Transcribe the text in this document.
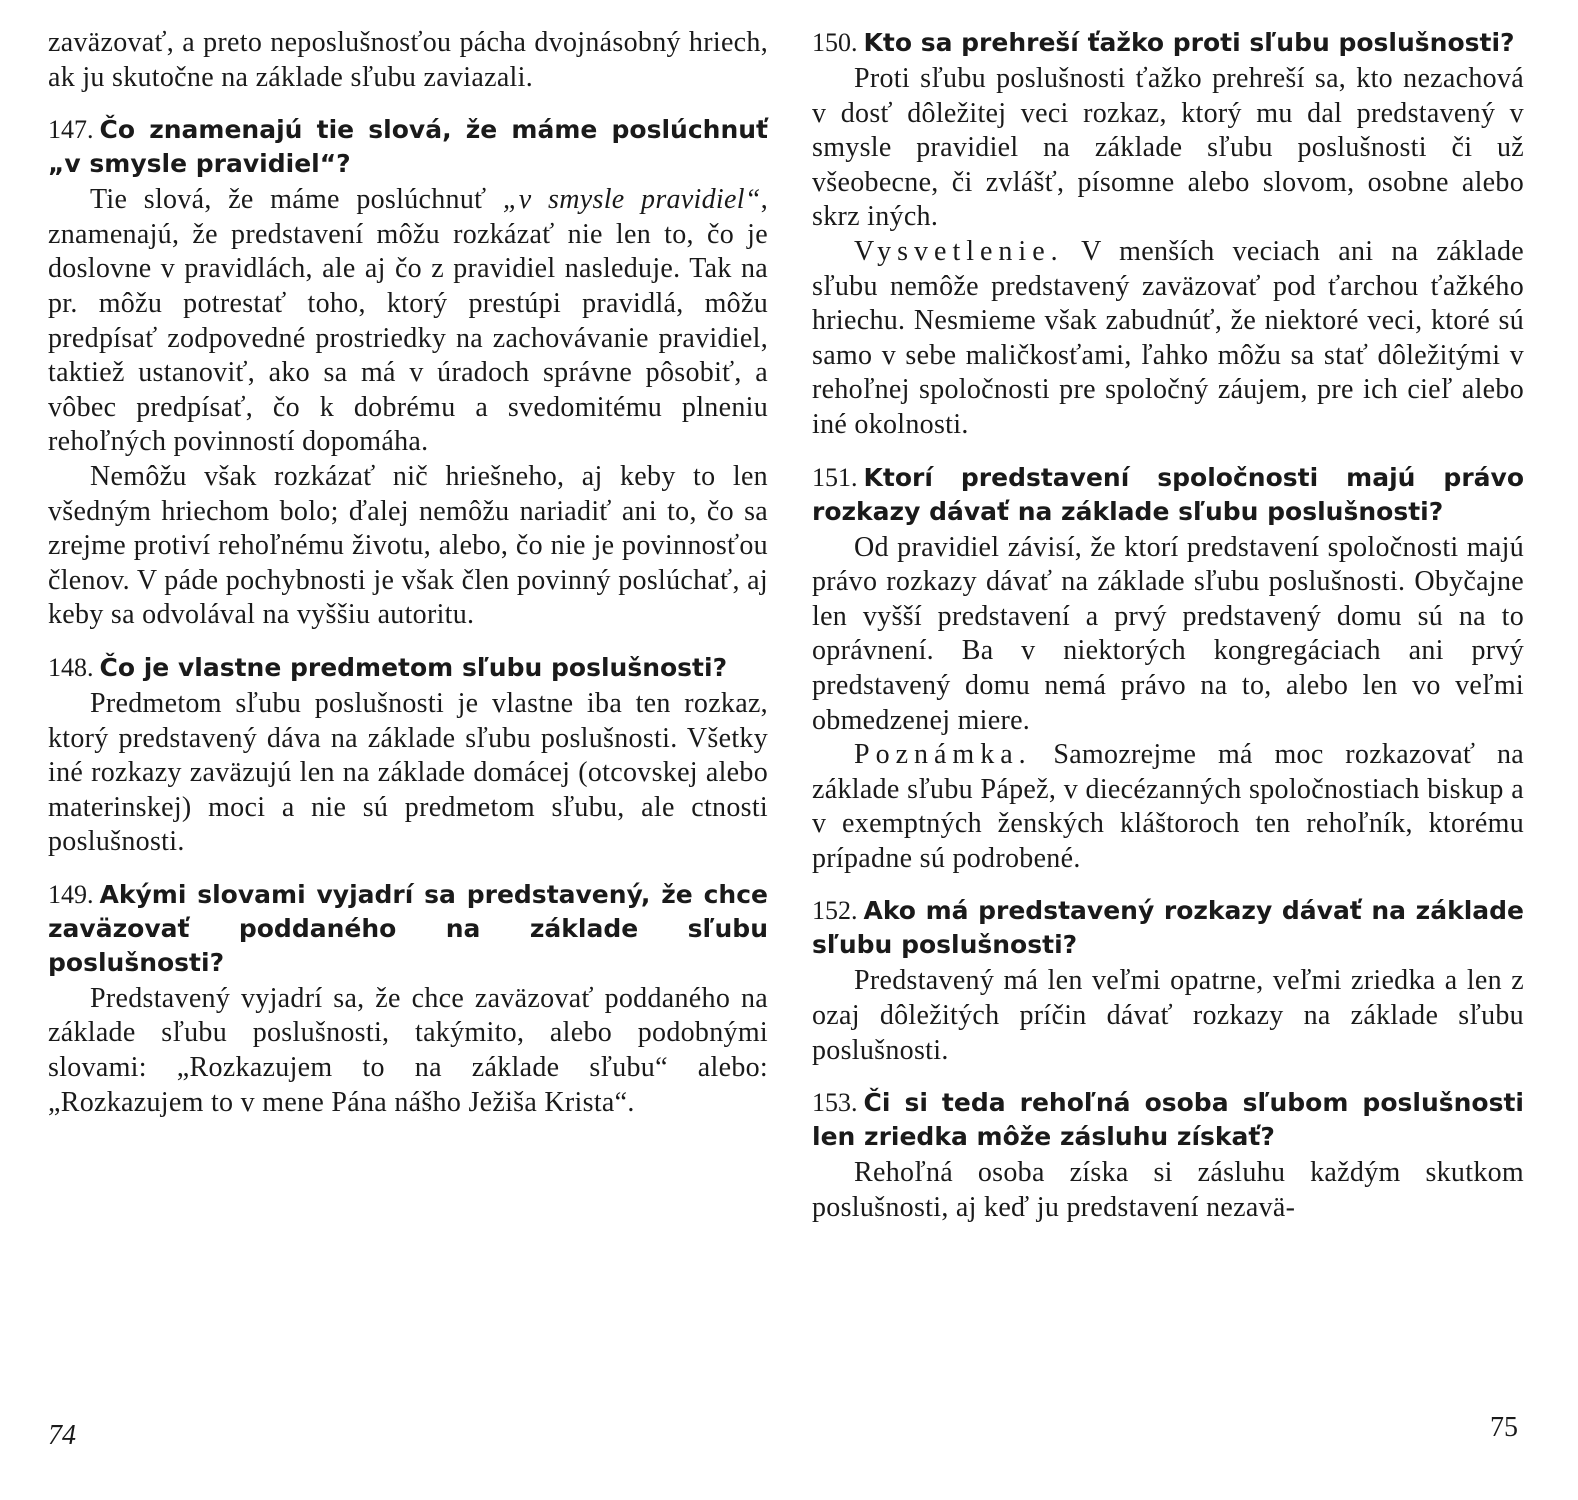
zaväzovať, a preto neposlušnosťou pácha dvojnásobný hriech, ak ju skutočne na základe sľubu zaviazali.

147. Čo znamenajú tie slová, že máme poslúchnuť „v smysle pravidiel“?

Tie slová, že máme poslúchnuť „v smysle pravidiel“, znamenajú, že predstavení môžu rozkázať nie len to, čo je doslovne v pravidlách, ale aj čo z pravidiel nasleduje. Tak na pr. môžu potrestať toho, ktorý prestúpi pravidlá, môžu predpísať zodpovedné prostriedky na zachovávanie pravidiel, taktiež ustanoviť, ako sa má v úradoch správne pôsobiť, a vôbec predpísať, čo k dobrému a svedomitému plneniu rehoľných povinností dopomáha.

Nemôžu však rozkázať nič hriešneho, aj keby to len všedným hriechom bolo; ďalej nemôžu nariadiť ani to, čo sa zrejme protiví rehoľnému životu, alebo, čo nie je povinnosťou členov. V páde pochybnosti je však člen povinný poslúchať, aj keby sa odvolával na vyššiu autoritu.

148. Čo je vlastne predmetom sľubu poslušnosti?

Predmetom sľubu poslušnosti je vlastne iba ten rozkaz, ktorý predstavený dáva na základe sľubu poslušnosti. Všetky iné rozkazy zaväzujú len na základe domácej (otcovskej alebo materinskej) moci a nie sú predmetom sľubu, ale ctnosti poslušnosti.

149. Akými slovami vyjadrí sa predstavený, že chce zaväzovať poddaného na základe sľubu poslušnosti?

Predstavený vyjadrí sa, že chce zaväzovať poddaného na základe sľubu poslušnosti, takýmito, alebo podobnými slovami: „Rozkazujem to na základe sľubu“ alebo: „Rozkazujem to v mene Pána nášho Ježiša Krista“.

74
150. Kto sa prehreší ťažko proti sľubu poslušnosti?

Proti sľubu poslušnosti ťažko prehreší sa, kto nezachová v dosť dôležitej veci rozkaz, ktorý mu dal predstavený v smysle pravidiel na základe sľubu poslušnosti či už všeobecne, či zvlášť, písomne alebo slovom, osobne alebo skrz iných.

Vysvetlenie. V menších veciach ani na základe sľubu nemôže predstavený zaväzovať pod ťarchou ťažkého hriechu. Nesmieme však zabudnúť, že niektoré veci, ktoré sú samo v sebe maličkosťami, ľahko môžu sa stať dôležitými v rehoľnej spoločnosti pre spoločný záujem, pre ich cieľ alebo iné okolnosti.

151. Ktorí predstavení spoločnosti majú právo rozkazy dávať na základe sľubu poslušnosti?

Od pravidiel závisí, že ktorí predstavení spoločnosti majú právo rozkazy dávať na základe sľubu poslušnosti. Obyčajne len vyšší predstavení a prvý predstavený domu sú na to oprávnení. Ba v niektorých kongregáciach ani prvý predstavený domu nemá právo na to, alebo len vo veľmi obmedzenej miere.

Poznámka. Samozrejme má moc rozkazovať na základe sľubu Pápež, v diecézanných spoločnostiach biskup a v exemptných ženských kláštoroch ten rehoľník, ktorému prípadne sú podrobené.

152. Ako má predstavený rozkazy dávať na základe sľubu poslušnosti?

Predstavený má len veľmi opatrne, veľmi zriedka a len z ozaj dôležitých príčin dávať rozkazy na základe sľubu poslušnosti.

153. Či si teda rehoľná osoba sľubom poslušnosti len zriedka môže zásluhu získať?

Rehoľná osoba získa si zásluhu každým skutkom poslušnosti, aj keď ju predstavení nezavä-

75
